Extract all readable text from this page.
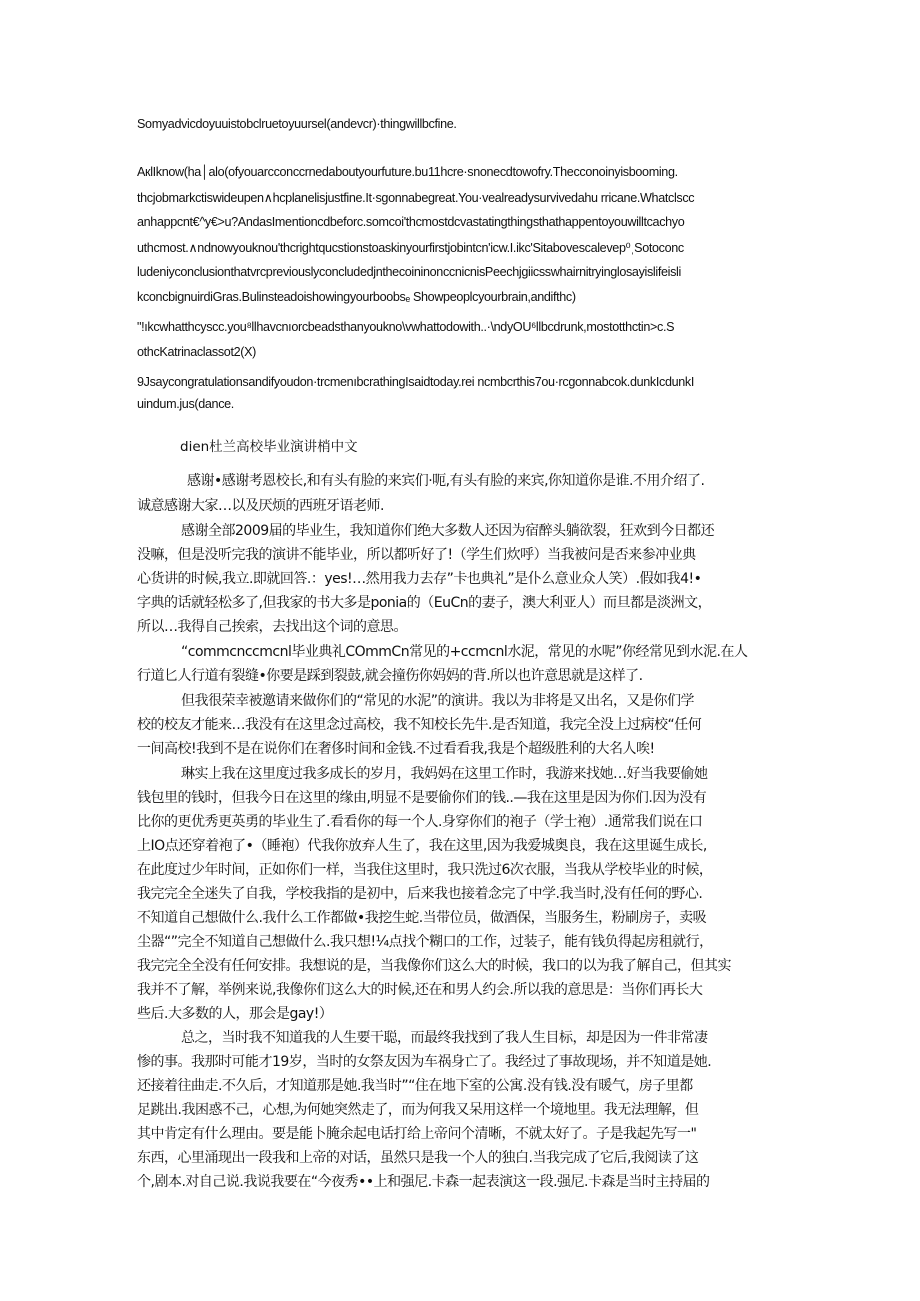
Somyadvicdoyuuistobclruetoyuursel(andevcr)·thingwillbcfine.

AкlIknow(ha│alo(ofyouarcconccrnedaboutyourfuture.bu11hcre·snonecdtowofry.Thecconoinyisbooming.

thcjobmarkctiswideupen∧hcplanelisjustfine.It·sgonnabegreat.You·vealreadysurvivedahu rricane.Whatclscc

anhappcnt€^y€>u?AndasImentioncdbeforc.somcoi'thcmostdcvastatingthingsthathappentoyouwilltcachyo

uthcmost.∧ndnowyouknou'thcrightqucstionstoaskinyourfirstjobintcn'icw.I.ikc'Sitabovescalevep⁰ˌSotoconc

ludeniyconclusionthatvrcpreviouslyconcludedjnthecoininonccnicnisPeechjgiicsswhairnitryinglosayislifeisli

kconcbignuirdiGras.Bulinsteadoishowingyourboobsₑ Showpeoplcyourbrain,andifthc)

"!ıkcwhatthcyscc.you⁸llhavcnıorcbeadsthanyoukno\vwhattodowith..·\ndyOU⁶llbcdrunk,mostotthctin>c.S

othcKatrinaclassot2(X)

9Jsaycongratulationsandifyoudon·trcmenıbcrathingIsaidtoday.rei ncmbcrthis7ou·rcgonnabcok.dunkIcdunkI

uindum.jus(dance.

dien杜兰高校毕业演讲梢中文

感谢•感谢考恩校长,和有头有脸的来宾们·呃,有头有脸的来宾,你知道你是谁.不用介绍了.

诚意感谢大家…以及厌烦的西班牙语老师.

感谢全部2009届的毕业生，我知道你们绝大多数人还因为宿醉头躺欲裂，狂欢到今日都还

没嘛，但是没听完我的演讲不能毕业，所以都听好了!（学生们炊呼）当我被问是否来参冲业典

心货讲的时候,我立.即就回答.：yes!…然用我力去存”卡也典礼”是仆么意业众人笑）.假如我4!•

字典的话就轻松多了,但我家的书大多是ponia的（EuCn的妻子，澳大利亚人）而旦都是淡洲文，

所以…我得自己挨索，去找出这个词的意思。

“commcnccmcnl毕业典礼COmmCn常见的+ccmcnl水泥，常见的水呢”你经常见到水泥.在人

行道匕人行道有裂缝•你要是踩到裂鼓,就会撞伤你妈妈的背.所以也许意思就是这样了.

但我很荣幸被邀请来做你们的“常见的水泥”的演讲。我以为非将是又出名，又是你们学

校的校友才能来…我没有在这里念过高校，我不知校长先牛.是否知道，我完全没上过病校“任何

一间高校!我到不是在说你们在奢侈时间和金钱.不过看看我,我是个超级胜利的大名人唉!

琳实上我在这里度过我多成长的岁月，我妈妈在这里工作时，我游来找她…好当我要偷她

钱包里的钱时，但我今日在这里的缘由,明显不是要偷你们的钱..—我在这里是因为你们.因为没有

比你的更优秀更英勇的毕业生了.看看你的每一个人.身穿你们的袍子（学士袍）.通常我们说在口

上IO点还穿着袍了•（睡袍）代我你放弃人生了，我在这里,因为我爱城奥良，我在这里诞生成长,

在此度过少年时间，正如你们一样，当我住这里时，我只洗过6次衣服，当我从学校毕业的时候，

我完完全全迷失了自我，学校我指的是初中，后来我也接着念完了中学.我当时,没有任何的野心.

不知道自己想做什么.我什么工作都做•我挖生蛇.当带位员，做酒保，当服务生，粉刷房子，卖吸

尘器“”完全不知道自己想做什么.我只想!¼点找个糊口的工作，过装子，能有钱负得起房租就行，

我完完全全没有任何安排。我想说的是，当我像你们这么大的时候，我口的以为我了解自己，但其实

我并不了解，举例来说,我像你们这么大的时候,还在和男人约会.所以我的意思是：当你们再长大

些后.大多数的人，那会是gay!）

总之，当时我不知道我的人生要干聪，而最终我找到了我人生目标，却是因为一件非常凄

惨的事。我那时可能才19岁，当时的女祭友因为车祸身亡了。我经过了事故现场，并不知道是她.

还接着往曲走.不久后，才知道那是她.我当时”“住在地下室的公寓.没有钱.没有暖气，房子里都

足跳出.我困惑不己，心想,为何她突然走了，而为何我又呆用这样一个境地里。我无法理解，但

其中肯定有什么理由。要是能卜腌余起电话打给上帝问个清晰，不就太好了。子是我起先写一"

东西，心里涌现出一段我和上帝的对话，虽然只是我一个人的独白.当我完成了它后,我阅读了这

个,剧本.对自己说.我说我要在“今夜秀••上和强尼.卡森一起表演这一段.强尼.卡森是当时主持届的
